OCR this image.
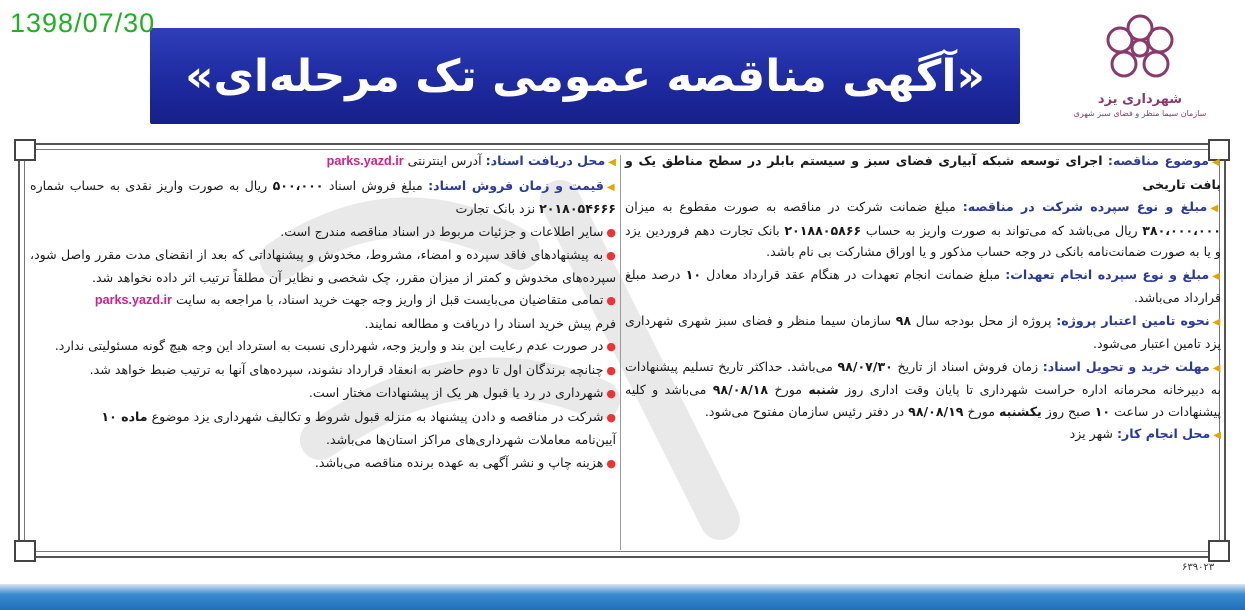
1398/07/30
شهرداری یزد
سازمان سیما منظر و فضای سبز شهری
«آگهی مناقصه عمومی تک مرحله‌ای»

◀موضوع مناقصه: اجرای توسعه شبکه آبیاری فضای سبز و سیستم بابلر در سطح مناطق یک و بافت تاریخی

◀مبلغ و نوع سپرده شرکت در مناقصه: مبلغ ضمانت شرکت در مناقصه به صورت مقطوع به میزان ۳۸۰،۰۰۰،۰۰۰ ریال می‌باشد که می‌تواند به صورت واریز به حساب ۲۰۱۸۸۰۵۸۶۶ بانک تجارت دهم فروردین یزد و یا به صورت ضمانت‌نامه بانکی در وجه حساب مذکور و یا اوراق مشارکت بی نام باشد.

◀مبلغ و نوع سپرده انجام تعهدات: مبلغ ضمانت انجام تعهدات در هنگام عقد قرارداد معادل ۱۰ درصد مبلغ قرارداد می‌باشد.

◀نحوه تامین اعتبار پروژه: پروژه از محل بودجه سال ۹۸ سازمان سیما منظر و فضای سبز شهری شهرداری یزد تامین اعتبار می‌شود.

◀مهلت خرید و تحویل اسناد: زمان فروش اسناد از تاریخ ۹۸/۰۷/۳۰ می‌باشد. حداکثر تاریخ تسلیم پیشنهادات به دبیرخانه محرمانه اداره حراست شهرداری تا پایان وقت اداری روز شنبه مورخ ۹۸/۰۸/۱۸ می‌باشد و کلیه پیشنهادات در ساعت ۱۰ صبح روز یکشنبه مورخ ۹۸/۰۸/۱۹ در دفتر رئیس سازمان مفتوح می‌شود.

◀محل انجام کار: شهر یزد

◀محل دریافت اسناد: آدرس اینترنتی parks.yazd.ir

◀قیمت و زمان فروش اسناد: مبلغ فروش اسناد ۵۰۰،۰۰۰ ریال به صورت واریز نقدی به حساب شماره ۲۰۱۸۰۵۴۶۶۶ نزد بانک تجارت

●سایر اطلاعات و جزئیات مربوط در اسناد مناقصه مندرج است.

●به پیشنهادهای فاقد سپرده و امضاء، مشروط، مخدوش و پیشنهاداتی که بعد از انقضای مدت مقرر واصل شود، سپرده‌های مخدوش و کمتر از میزان مقرر، چک شخصی و نظایر آن مطلقاً ترتیب اثر داده نخواهد شد.

●تمامی متقاضیان می‌بایست قبل از واریز وجه جهت خرید اسناد، با مراجعه به سایت parks.yazd.ir

فرم پیش خرید اسناد را دریافت و مطالعه نمایند.

●در صورت عدم رعایت این بند و واریز وجه، شهرداری نسبت به استرداد این وجه هیچ گونه مسئولیتی ندارد.

●چنانچه برندگان اول تا دوم حاضر به انعقاد قرارداد نشوند، سپرده‌های آنها به ترتیب ضبط خواهد شد.

●شهرداری در رد یا قبول هر یک از پیشنهادات مختار است.

●شرکت در مناقصه و دادن پیشنهاد به منزله قبول شروط و تکالیف شهرداری یزد موضوع ماده ۱۰

آیین‌نامه معاملات شهرداری‌های مراکز استان‌ها می‌باشد.

●هزینه چاپ و نشر آگهی به عهده برنده مناقصه می‌باشد.

۶۳۹۰۲۳
